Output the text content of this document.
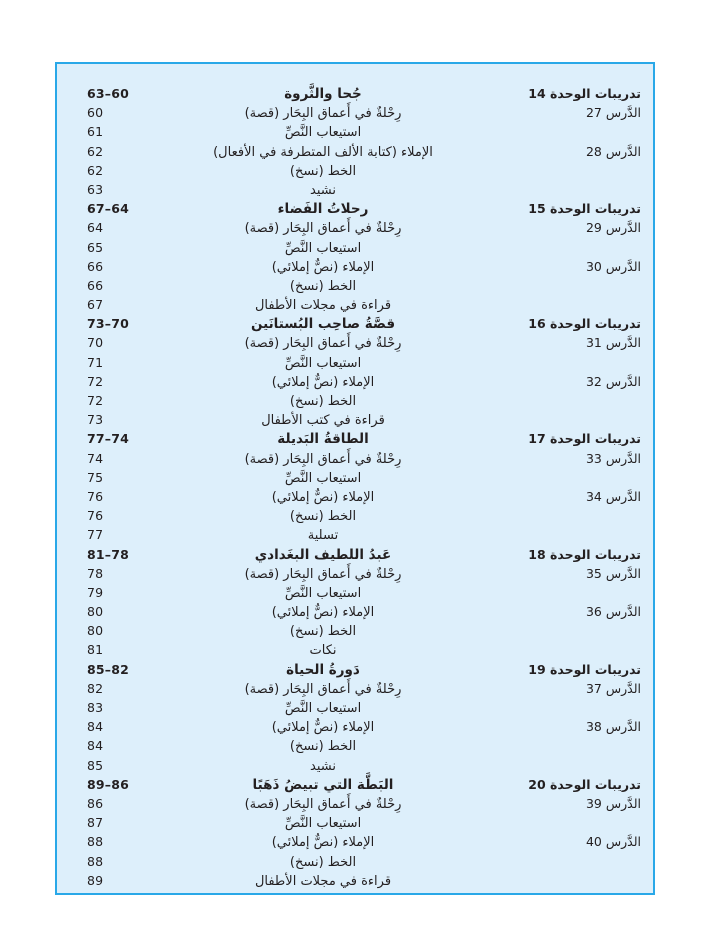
63–60	جُحا والثَّروة	تدريبات الوحدة 14
60	رِحْلةٌ في أَعماق البِحَار (قصة)	الدَّرس 27
61	استيعاب النَّصِّ
62	الإملاء (كتابة الألف المتطرفة في الأفعال)	الدَّرس 28
62	الخط (نسخ)
63	نشيد
67–64	رحلاتُ الفَضاء	تدريبات الوحدة 15
64	رِحْلةٌ في أَعماق البِحَار (قصة)	الدَّرس 29
65	استيعاب النَّصِّ
66	الإملاء (نصٌّ إملائي)	الدَّرس 30
66	الخط (نسخ)
67	قراءة في مجلات الأطفال
73–70	قصَّةُ صاحِب البُستانَين	تدريبات الوحدة 16
70	رِحْلةٌ في أَعماق البِحَار (قصة)	الدَّرس 31
71	استيعاب النَّصِّ
72	الإملاء (نصٌّ إملائي)	الدَّرس 32
72	الخط (نسخ)
73	قراءة في كتب الأطفال
77–74	الطاقةُ البَديلة	تدريبات الوحدة 17
74	رِحْلةٌ في أَعماق البِحَار (قصة)	الدَّرس 33
75	استيعاب النَّصِّ
76	الإملاء (نصٌّ إملائي)	الدَّرس 34
76	الخط (نسخ)
77	تسلية
81–78	عَبدُ اللطيف البغَدادي	تدريبات الوحدة 18
78	رِحْلةٌ في أَعماق البِحَار (قصة)	الدَّرس 35
79	استيعاب النَّصِّ
80	الإملاء (نصٌّ إملائي)	الدَّرس 36
80	الخط (نسخ)
81	نكات
85–82	دَورةُ الحياة	تدريبات الوحدة 19
82	رِحْلةٌ في أَعماق البِحَار (قصة)	الدَّرس 37
83	استيعاب النَّصِّ
84	الإملاء (نصٌّ إملائي)	الدَّرس 38
84	الخط (نسخ)
85	نشيد
89–86	البَطَّة التي تبيضُ ذَهَبًا	تدريبات الوحدة 20
86	رِحْلةٌ في أَعماق البِحَار (قصة)	الدَّرس 39
87	استيعاب النَّصِّ
88	الإملاء (نصٌّ إملائي)	الدَّرس 40
88	الخط (نسخ)
89	قراءة في مجلات الأطفال
